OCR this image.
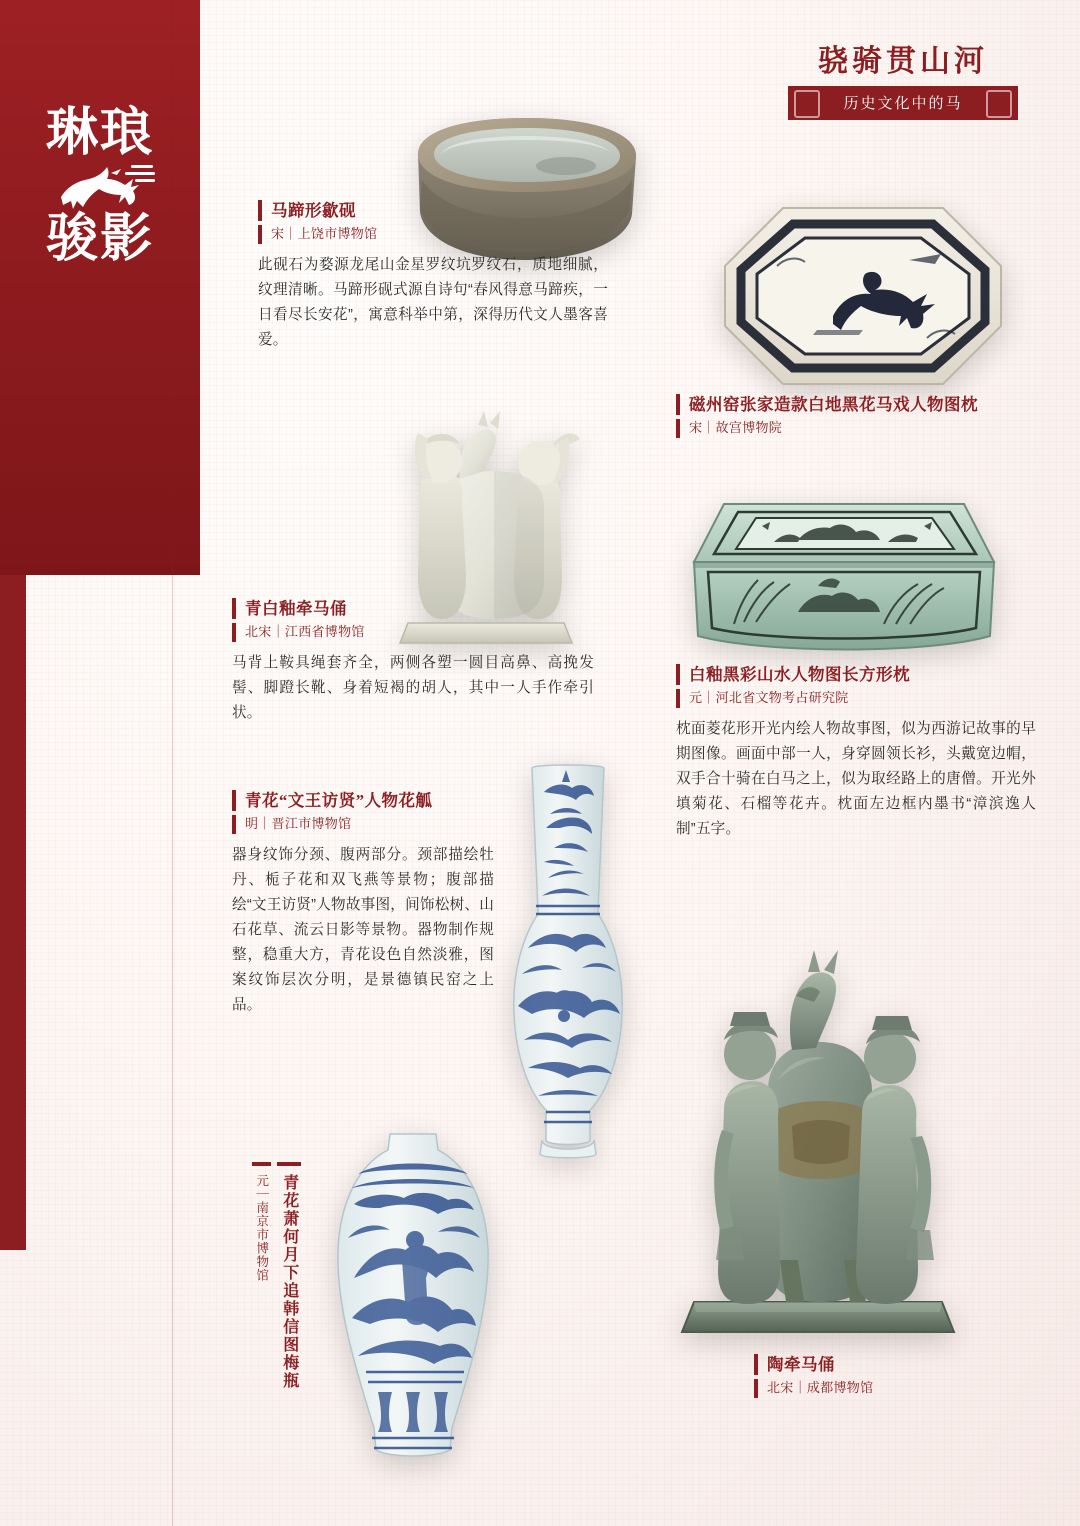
琳琅
骏影
骁骑贯山河
历史文化中的马
马蹄形歙砚
宋｜上饶市博物馆
此砚石为婺源龙尾山金星罗纹坑罗纹石，质地细腻，纹理清晰。马蹄形砚式源自诗句“春风得意马蹄疾，一日看尽长安花”，寓意科举中第，深得历代文人墨客喜爱。
磁州窑张家造款白地黑花马戏人物图枕
宋｜故宫博物院
青白釉牵马俑
北宋｜江西省博物馆
马背上鞍具绳套齐全，两侧各塑一圆目高鼻、高挽发髻、脚蹬长靴、身着短褐的胡人，其中一人手作牵引状。
白釉黑彩山水人物图长方形枕
元｜河北省文物考占研究院
枕面菱花形开光内绘人物故事图，似为西游记故事的早期图像。画面中部一人，身穿圆领长衫，头戴宽边帽，双手合十骑在白马之上，似为取经路上的唐僧。开光外填菊花、石榴等花卉。枕面左边框内墨书“漳滨逸人制”五字。
青花“文王访贤”人物花觚
明｜晋江市博物馆
器身纹饰分颈、腹两部分。颈部描绘牡丹、栀子花和双飞燕等景物；腹部描绘“文王访贤”人物故事图，间饰松树、山石花草、流云日影等景物。器物制作规整，稳重大方，青花设色自然淡雅，图案纹饰层次分明，是景德镇民窑之上品。
青花萧何月下追韩信图梅瓶
元｜南京市博物馆
陶牵马俑
北宋｜成都博物馆
